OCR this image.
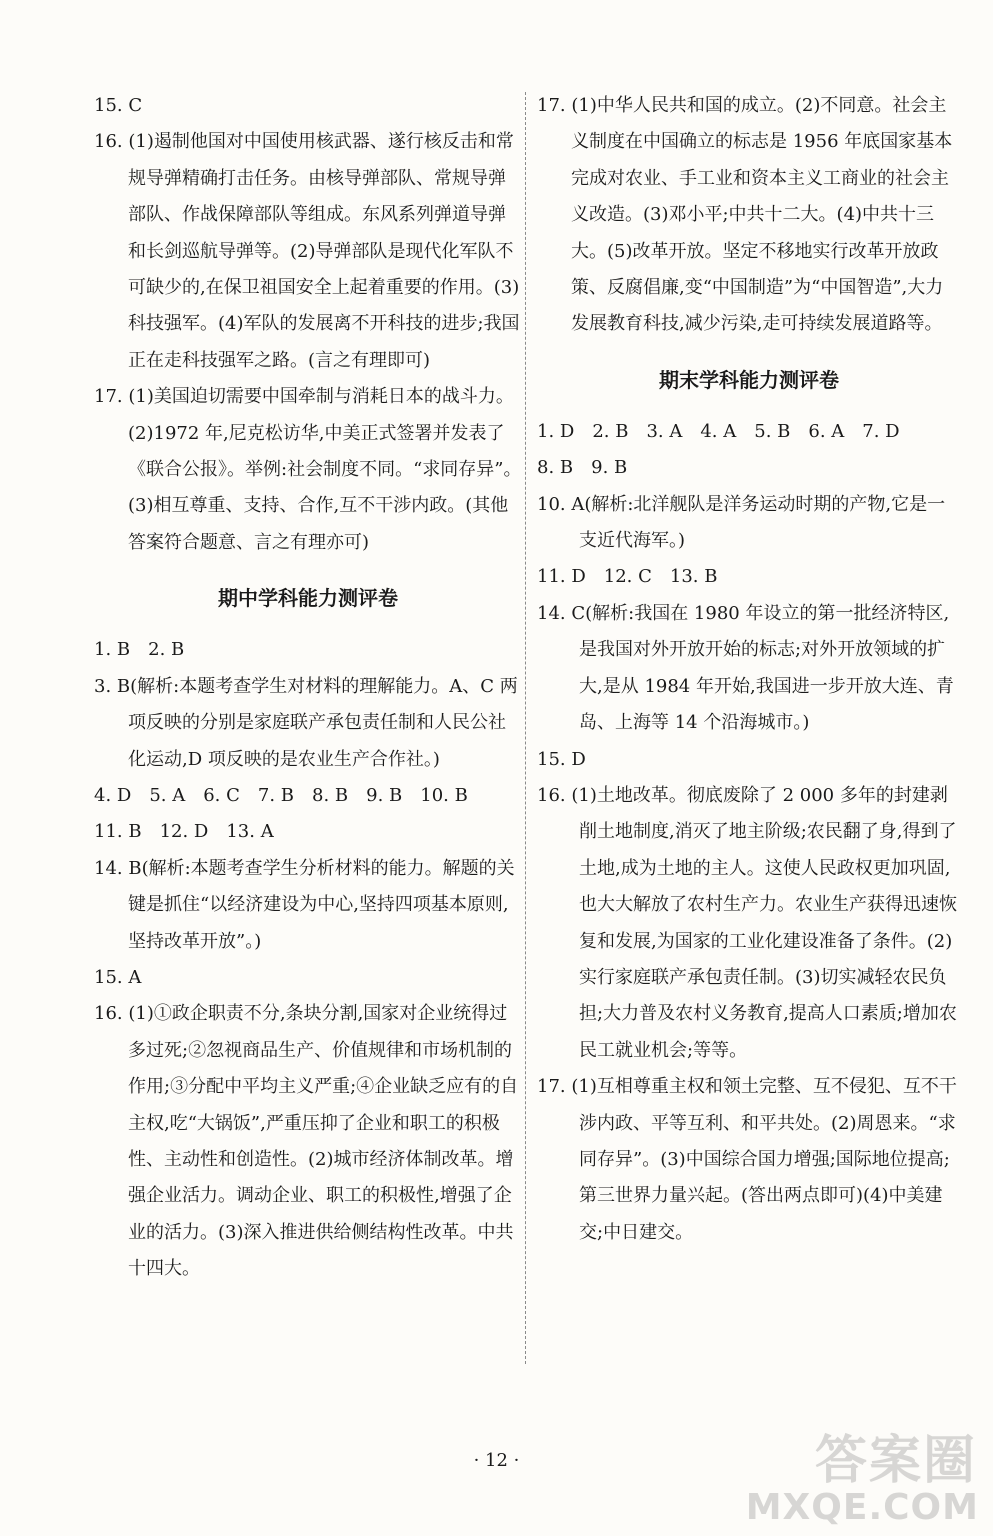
15. C

16. (1)遏制他国对中国使用核武器、遂行核反击和常规导弹精确打击任务。由核导弹部队、常规导弹部队、作战保障部队等组成。东风系列弹道导弹和长剑巡航导弹等。(2)导弹部队是现代化军队不可缺少的,在保卫祖国安全上起着重要的作用。(3)科技强军。(4)军队的发展离不开科技的进步;我国正在走科技强军之路。(言之有理即可)

17. (1)美国迫切需要中国牵制与消耗日本的战斗力。(2)1972 年,尼克松访华,中美正式签署并发表了《联合公报》。举例:社会制度不同。“求同存异”。(3)相互尊重、支持、合作,互不干涉内政。(其他答案符合题意、言之有理亦可)

期中学科能力测评卷

1. B　2. B

3. B(解析:本题考查学生对材料的理解能力。A、C 两项反映的分别是家庭联产承包责任制和人民公社化运动,D 项反映的是农业生产合作社。)

4. D　5. A　6. C　7. B　8. B　9. B　10. B

11. B　12. D　13. A

14. B(解析:本题考查学生分析材料的能力。解题的关键是抓住“以经济建设为中心,坚持四项基本原则,坚持改革开放”。)

15. A

16. (1)①政企职责不分,条块分割,国家对企业统得过多过死;②忽视商品生产、价值规律和市场机制的作用;③分配中平均主义严重;④企业缺乏应有的自主权,吃“大锅饭”,严重压抑了企业和职工的积极性、主动性和创造性。(2)城市经济体制改革。增强企业活力。调动企业、职工的积极性,增强了企业的活力。(3)深入推进供给侧结构性改革。中共十四大。

17. (1)中华人民共和国的成立。(2)不同意。社会主义制度在中国确立的标志是 1956 年底国家基本完成对农业、手工业和资本主义工商业的社会主义改造。(3)邓小平;中共十二大。(4)中共十三大。(5)改革开放。坚定不移地实行改革开放政策、反腐倡廉,变“中国制造”为“中国智造”,大力发展教育科技,减少污染,走可持续发展道路等。

期末学科能力测评卷

1. D　2. B　3. A　4. A　5. B　6. A　7. D

8. B　9. B

10. A(解析:北洋舰队是洋务运动时期的产物,它是一支近代海军。)

11. D　12. C　13. B

14. C(解析:我国在 1980 年设立的第一批经济特区,是我国对外开放开始的标志;对外开放领域的扩大,是从 1984 年开始,我国进一步开放大连、青岛、上海等 14 个沿海城市。)

15. D

16. (1)土地改革。彻底废除了 2 000 多年的封建剥削土地制度,消灭了地主阶级;农民翻了身,得到了土地,成为土地的主人。这使人民政权更加巩固,也大大解放了农村生产力。农业生产获得迅速恢复和发展,为国家的工业化建设准备了条件。(2)实行家庭联产承包责任制。(3)切实减轻农民负担;大力普及农村义务教育,提高人口素质;增加农民工就业机会;等等。

17. (1)互相尊重主权和领土完整、互不侵犯、互不干涉内政、平等互利、和平共处。(2)周恩来。“求同存异”。(3)中国综合国力增强;国际地位提高;第三世界力量兴起。(答出两点即可)(4)中美建交;中日建交。

· 12 ·	答案圈
MXQE.COM
